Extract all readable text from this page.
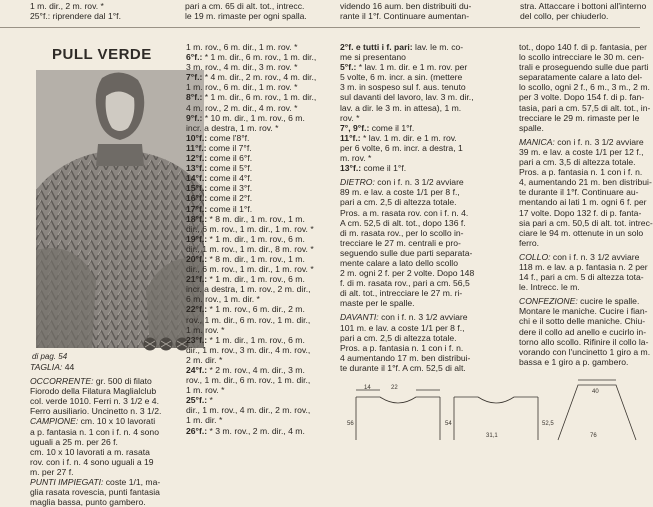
1 m. dir., 2 m. rov. *
25°f.: riprendere dal 1°f.
pari a cm. 65 di alt. tot., intrecc.
le 19 m. rimaste per ogni spalla.
videndo 16 aum. ben distribuiti du-
rante il 1°f. Continuare aumentan-
stra. Attaccare i bottoni all'interno
del collo, per chiuderlo.
PULL VERDE
di pag. 54

TAGLIA: 44

OCCORRENTE: gr. 500 di filato

Fiorodo della Filatura Maglialclub

col. verde 1010. Ferri n. 3 1/2 e 4.

Ferro ausiliario. Uncinetto n. 3 1/2.

CAMPIONE: cm. 10 x 10 lavorati

a p. fantasia n. 1 con i f. n. 4 sono

uguali a 25 m. per 26 f.

cm. 10 x 10 lavorati a m. rasata

rov. con i f. n. 4 sono uguali a 19

m. per 27 f.

PUNTI IMPIEGATI: coste 1/1, ma-

glia rasata rovescia, punti fantasia

maglia bassa, punto gambero.

1 m. rov., 6 m. dir., 1 m. rov. *

6°f.: * 1 m. dir., 6 m. rov., 1 m. dir.,

3 m. rov., 4 m. dir., 3 m. rov. *

7°f.: * 4 m. dir., 2 m. rov., 4 m. dir.,

1 m. rov., 6 m. dir., 1 m. rov. *

8°f.: * 1 m. dir., 6 m. rov., 1 m. dir.,

4 m. rov., 2 m. dir., 4 m. rov. *

9°f.: * 10 m. dir., 1 m. rov., 6 m.

incr. a destra, 1 m. rov. *

10°f.: come l'8°f.

11°f.: come il 7°f.

12°f.: come il 6°f.

13°f.: come il 5°f.

14°f.: come il 4°f.

15°f.: come il 3°f.

16°f.: come il 2°f.

17°f.: come il 1°f.

18°f.: * 8 m. dir., 1 m. rov., 1 m.

dir., 6 m. rov., 1 m. dir., 1 m. rov. *

19°f.: * 1 m. dir., 1 m. rov., 6 m.

dir., 1 m. rov., 1 m. dir., 8 m. rov. *

20°f.: * 8 m. dir., 1 m. rov., 1 m.

dir., 6 m. rov., 1 m. dir., 1 m. rov. *

21°f.: * 1 m. dir., 1 m. rov., 6 m.

incr. a destra, 1 m. rov., 2 m. dir.,

6 m. rov., 1 m. dir. *

22°f.: * 1 m. rov., 6 m. dir., 2 m.

rov., 1 m. dir., 6 m. rov., 1 m. dir.,

1 m. rov. *

23°f.: * 1 m. dir., 1 m. rov., 6 m.

dir., 1 m. rov., 3 m. dir., 4 m. rov.,

2 m. dir. *

24°f.: * 2 m. rov., 4 m. dir., 3 m.

rov., 1 m. dir., 6 m. rov., 1 m. dir.,

1 m. rov. *

25°f.: *

dir., 1 m. rov., 4 m. dir., 2 m. rov.,

1 m. dir. *

26°f.: * 3 m. rov., 2 m. dir., 4 m.

2°f. e tutti i f. pari: lav. le m. co-

me si presentano

5°f.: * lav. 1 m. dir. e 1 m. rov. per

5 volte, 6 m. incr. a sin. (mettere

3 m. in sospeso sul f. aus. tenuto

sul davanti del lavoro, lav. 3 m. dir.,

lav. a dir. le 3 m. in attesa), 1 m.

rov. *

7°, 9°f.: come il 1°f.

11°f.: * lav. 1 m. dir. e 1 m. rov.

per 6 volte, 6 m. incr. a destra, 1

m. rov. *

13°f.: come il 1°f.

DIETRO: con i f. n. 3 1/2 avviare

89 m. e lav. a coste 1/1 per 8 f.,

pari a cm. 2,5 di altezza totale.

Pros. a m. rasata rov. con i f. n. 4.

A cm. 52,5 di alt. tot., dopo 136 f.

di m. rasata rov., per lo scollo in-

trecciare le 27 m. centrali e pro-

seguendo sulle due parti separata-

mente calare a lato dello scollo

2 m. ogni 2 f. per 2 volte. Dopo 148

f. di m. rasata rov., pari a cm. 56,5

di alt. tot., intrecciare le 27 m. ri-

maste per le spalle.

DAVANTI: con i f. n. 3 1/2 avviare

101 m. e lav. a coste 1/1 per 8 f.,

pari a cm. 2,5 di altezza totale.

Pros. a p. fantasia n. 1 con i f. n.

4 aumentando 17 m. ben distribui-

te durante il 1°f. A cm. 52,5 di alt.

tot., dopo 140 f. di p. fantasia, per

lo scollo intrecciare le 30 m. cen-

trali e proseguendo sulle due parti

separatamente calare a lato del-

lo scollo, ogni 2 f., 6 m., 3 m., 2 m.

per 3 volte. Dopo 154 f. di p. fan-

tasia, pari a cm. 57,5 di alt. tot., in-

trecciare le 29 m. rimaste per le

spalle.

MANICA: con i f. n. 3 1/2 avviare

39 m. e lav. a coste 1/1 per 12 f.,

pari a cm. 3,5 di altezza totale.

Pros. a p. fantasia n. 1 con i f. n.

4, aumentando 21 m. ben distribui-

te durante il 1°f. Continuare au-

mentando ai lati 1 m. ogni 6 f. per

17 volte. Dopo 132 f. di p. fanta-

sia pari a cm. 50,5 di alt. tot. intrec-

ciare le 94 m. ottenute in un solo

ferro.

COLLO: con i f. n. 3 1/2 avviare

118 m. e lav. a p. fantasia n. 2 per

14 f., pari a cm. 5 di altezza tota-

le. Intrecc. le m.

CONFEZIONE: cucire le spalle.

Montare le maniche. Cucire i fian-

chi e il sotto delle maniche. Chiu-

dere il collo ad anello e cucirlo in-

torno allo scollo. Rifinire il collo la-

vorando con l'uncinetto 1 giro a m.

bassa e 1 giro a p. gambero.

14	22
40
56	54
31,1
52,5
76
